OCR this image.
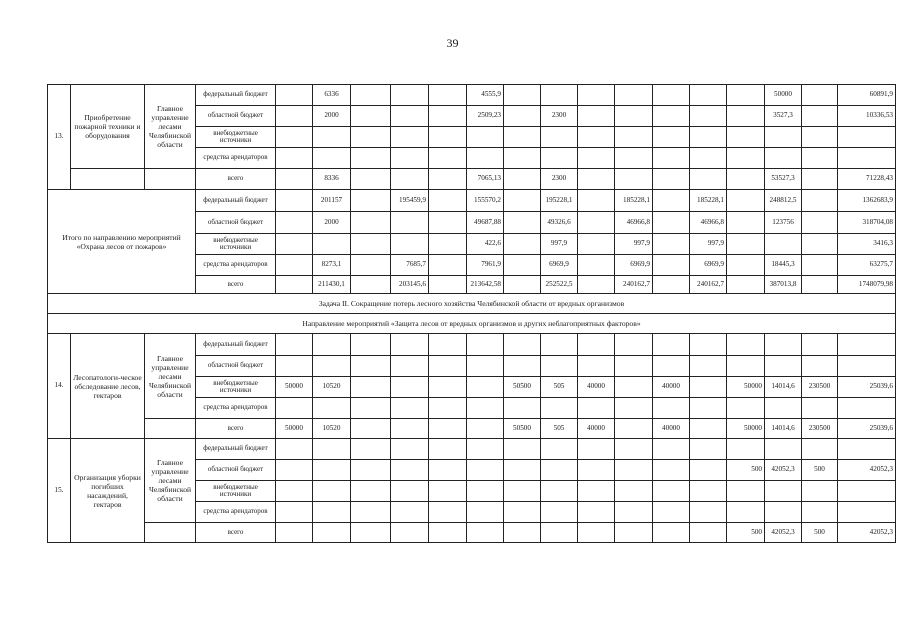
39
13.	Приобретение пожарной техники и оборудования	Главное управление лесами Челябинской области	федеральный бюджет		6336				4555,9								50000		60891,9
			областной бюджет		2000				2509,23		2300						3527,3		10336,53
			внебюджетные источники																
			средства арендаторов																
			всего		8336				7065,13		2300						53527,3		71228,43
Итого по направлению мероприятий «Охрана лесов от пожаров»			федеральный бюджет		201157		195459,9		155570,2		195228,1		185228,1		185228,1		248812,5		1362683,9
			областной бюджет		2000				49687,88		49326,6		46966,8		46966,8		123756		318704,08
			внебюджетные источники						422,6		997,9		997,9		997,9				3416,3
			средства арендаторов		8273,1		7685,7		7961,9		6969,9		6969,9		6969,9		18445,3		63275,7
			всего		211430,1		203145,6		213642,58		252522,5		240162,7		240162,7		387013,8		1748079,98
Задача II. Сокращение потерь лесного хозяйства Челябинской области от вредных организмов																			
Направление мероприятий «Защита лесов от вредных организмов и других неблагоприятных факторов»																			
14.	Лесопатологи-ческое обследование лесов, гектаров	Главное управление лесами Челябинской области	федеральный бюджет																
			областной бюджет																
			внебюджетные источники	50000	10520					50500	505	40000		40000		50000	14014,6	230500	25039,6
			средства арендаторов																
			всего	50000	10520					50500	505	40000		40000		50000	14014,6	230500	25039,6
15.	Организация уборки погибших насаждений, гектаров	Главное управление лесами Челябинской области	федеральный бюджет																
			областной бюджет													500	42052,3	500	42052,3
			внебюджетные источники																
			средства арендаторов																
			всего													500	42052,3	500	42052,3
